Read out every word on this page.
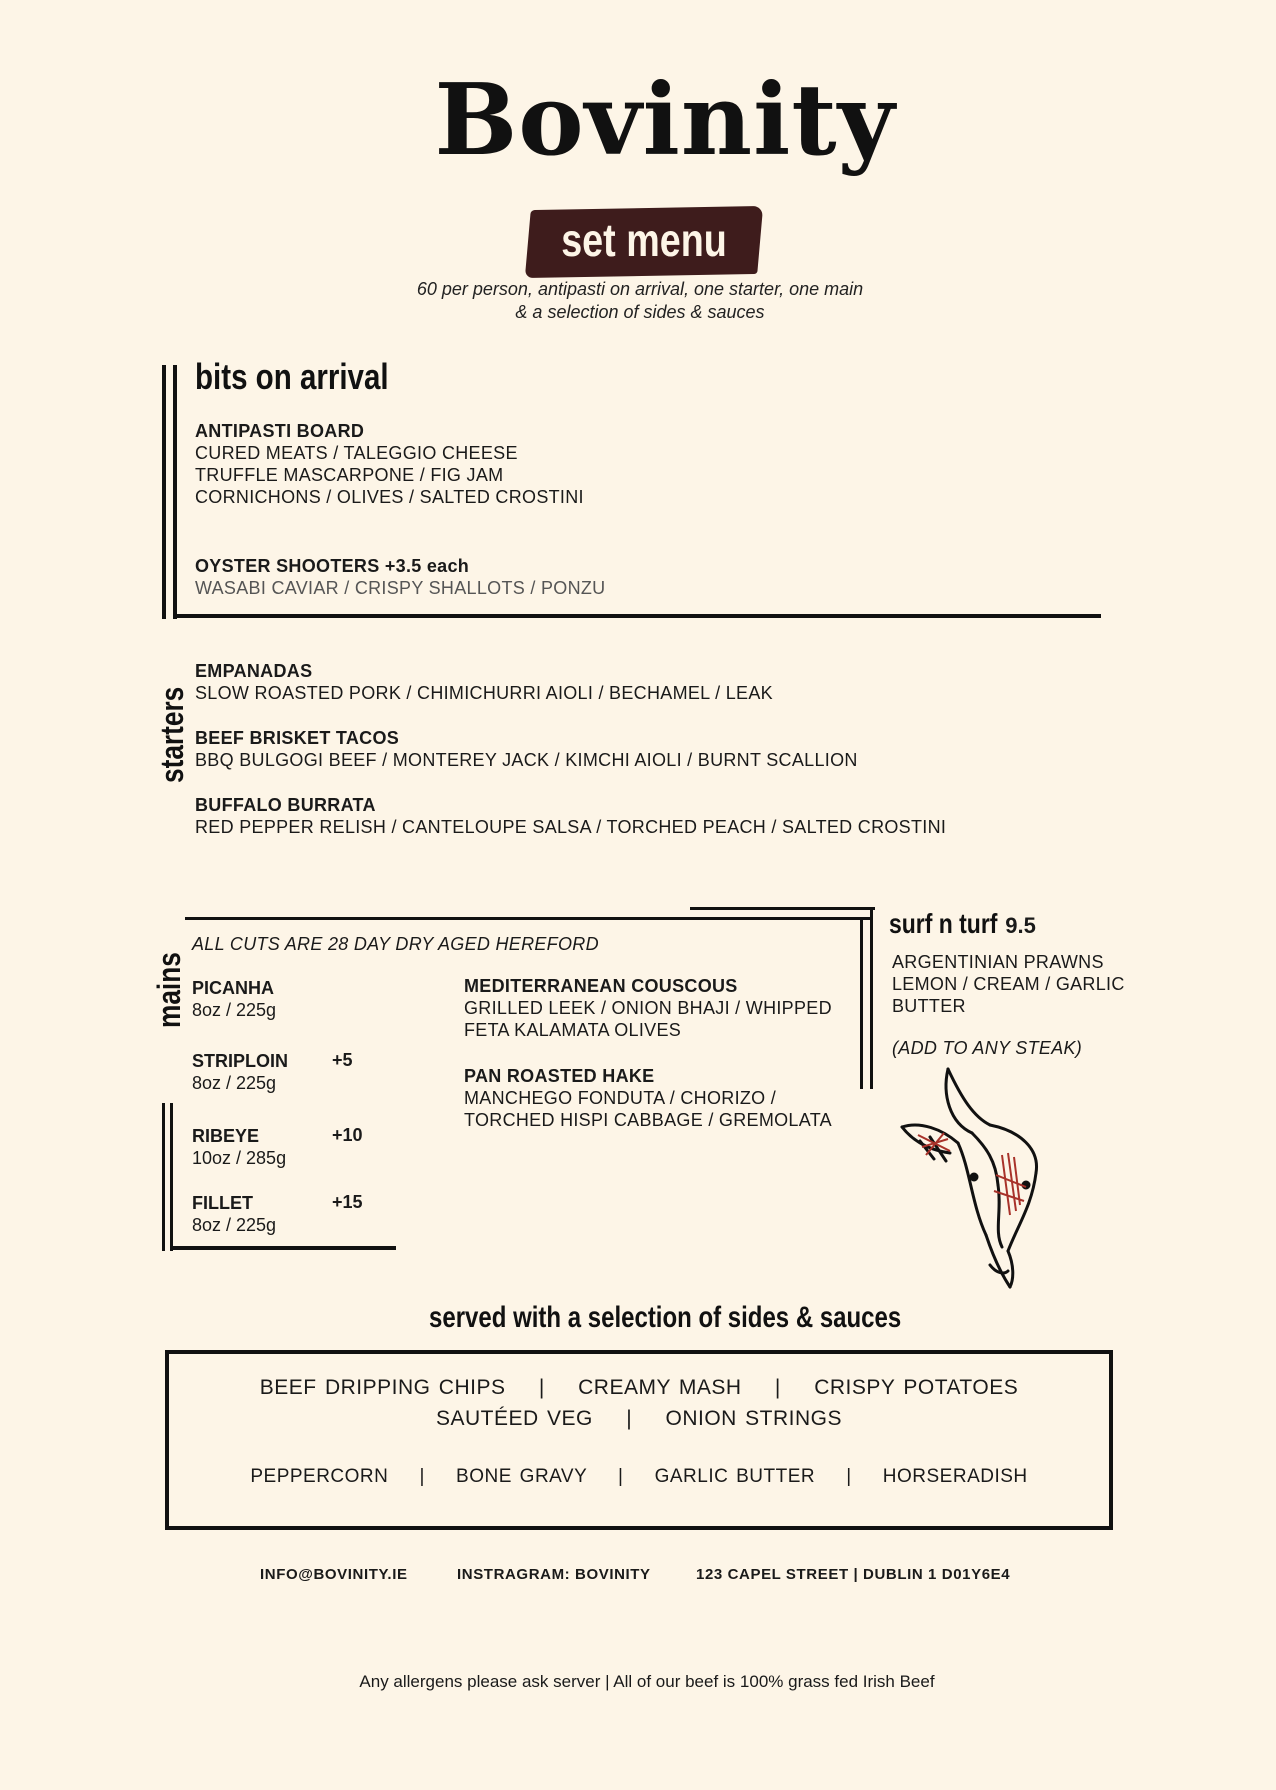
Bovinity
set menu
60 per person, antipasti on arrival, one starter, one main
& a selection of sides & sauces
bits on arrival
ANTIPASTI BOARD
CURED MEATS / TALEGGIO CHEESE
TRUFFLE MASCARPONE / FIG JAM
CORNICHONS / OLIVES / SALTED CROSTINI
OYSTER SHOOTERS +3.5 each
WASABI CAVIAR / CRISPY SHALLOTS / PONZU
starters
EMPANADAS
SLOW ROASTED PORK / CHIMICHURRI AIOLI / BECHAMEL / LEAK
BEEF BRISKET TACOS
BBQ BULGOGI BEEF / MONTEREY JACK / KIMCHI AIOLI / BURNT SCALLION
BUFFALO BURRATA
RED PEPPER RELISH / CANTELOUPE SALSA / TORCHED PEACH / SALTED CROSTINI
mains
ALL CUTS ARE 28 DAY DRY AGED HEREFORD
PICANHA
8oz / 225g
STRIPLOIN
8oz / 225g
+5
RIBEYE
10oz / 285g
+10
FILLET
8oz / 225g
+15
MEDITERRANEAN COUSCOUS
GRILLED LEEK / ONION BHAJI / WHIPPED
FETA KALAMATA OLIVES
PAN ROASTED HAKE
MANCHEGO FONDUTA / CHORIZO /
TORCHED HISPI CABBAGE / GREMOLATA
surf n turf 9.5
ARGENTINIAN PRAWNS
LEMON / CREAM / GARLIC
BUTTER
(ADD TO ANY STEAK)
served with a selection of sides & sauces
BEEF DRIPPING CHIPS    |    CREAMY MASH    |    CRISPY POTATOES
SAUTÉED VEG    |    ONION STRINGS
PEPPERCORN    |    BONE GRAVY    |    GARLIC BUTTER    |    HORSERADISH
INFO@BOVINITY.IE	INSTRAGRAM: BOVINITY	123 CAPEL STREET | DUBLIN 1 D01Y6E4
Any allergens please ask server | All of our beef is 100% grass fed Irish Beef
